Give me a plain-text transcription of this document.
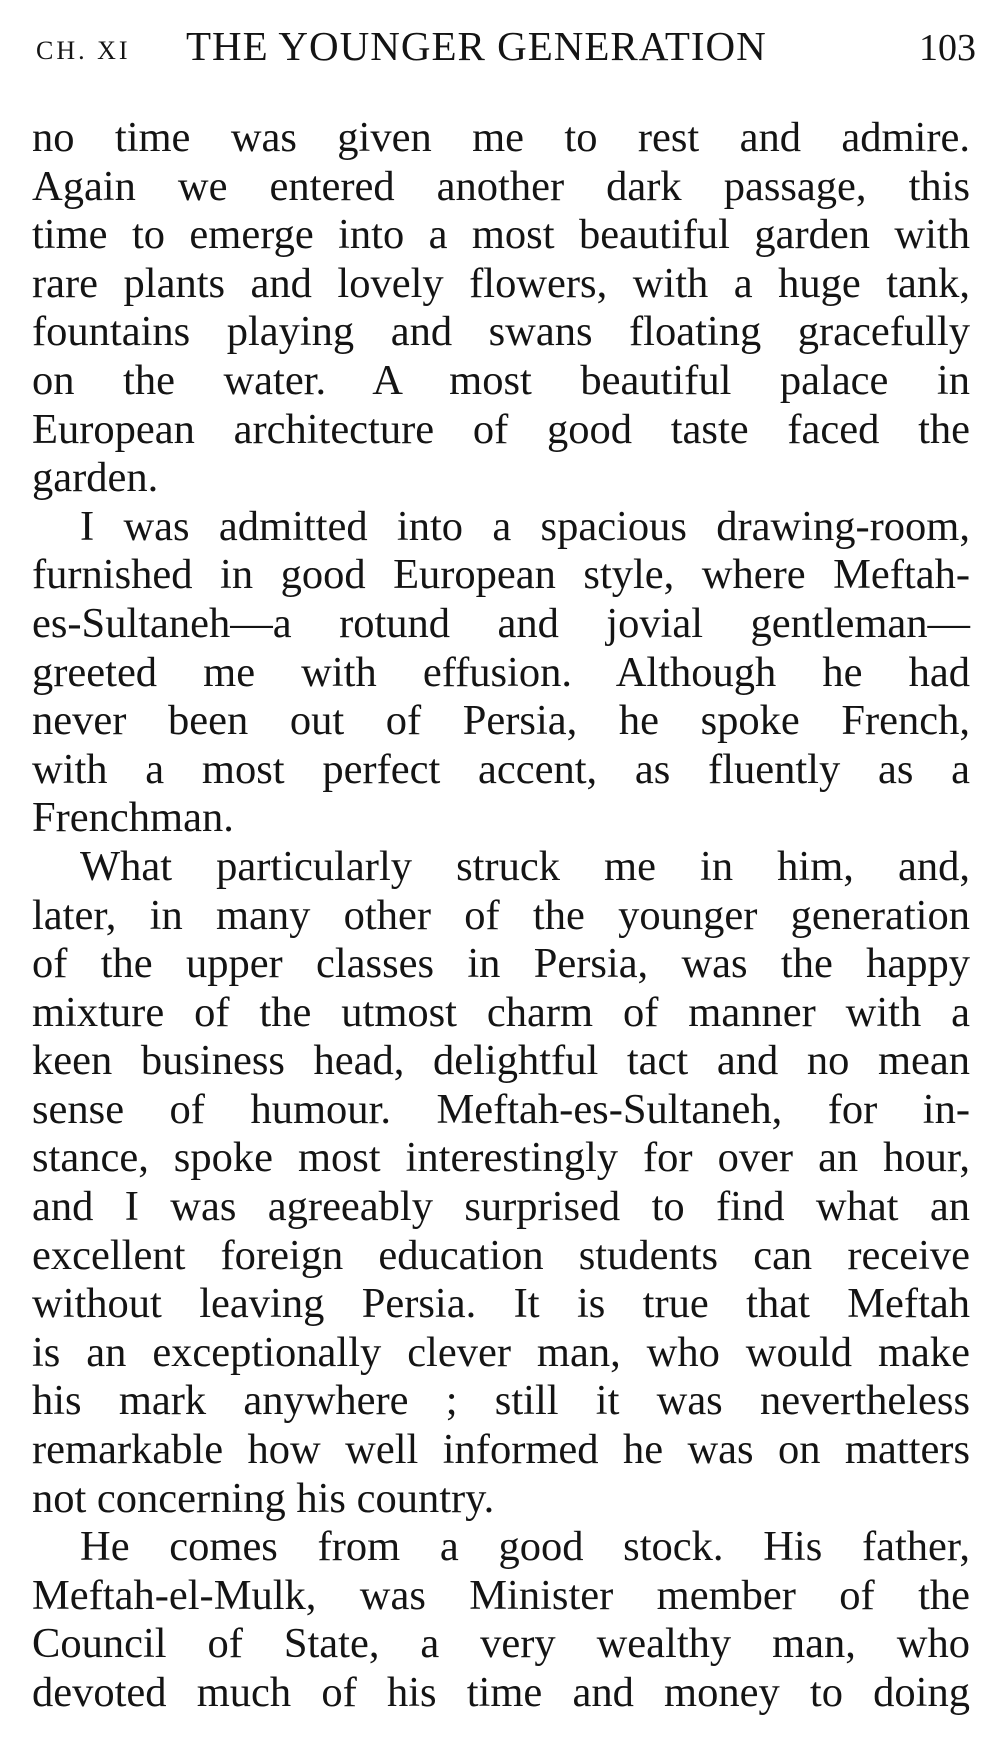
CH. XI THE YOUNGER GENERATION	103
no time was given me to rest and admire.
Again we entered another dark passage, this
time to emerge into a most beautiful garden with
rare plants and lovely flowers, with a huge tank,
fountains playing and swans floating gracefully
on the water. A most beautiful palace in
European architecture of good taste faced the
garden.
I was admitted into a spacious drawing-room,
furnished in good European style, where Meftah-
es-Sultaneh—a rotund and jovial gentleman—
greeted me with effusion. Although he had
never been out of Persia, he spoke French,
with a most perfect accent, as fluently as a
Frenchman.
What particularly struck me in him, and,
later, in many other of the younger generation
of the upper classes in Persia, was the happy
mixture of the utmost charm of manner with a
keen business head, delightful tact and no mean
sense of humour. Meftah-es-Sultaneh, for in-
stance, spoke most interestingly for over an hour,
and I was agreeably surprised to find what an
excellent foreign education students can receive
without leaving Persia. It is true that Meftah
is an exceptionally clever man, who would make
his mark anywhere ; still it was nevertheless
remarkable how well informed he was on matters
not concerning his country.
He comes from a good stock. His father,
Meftah-el-Mulk, was Minister member of the
Council of State, a very wealthy man, who
devoted much of his time and money to doing
